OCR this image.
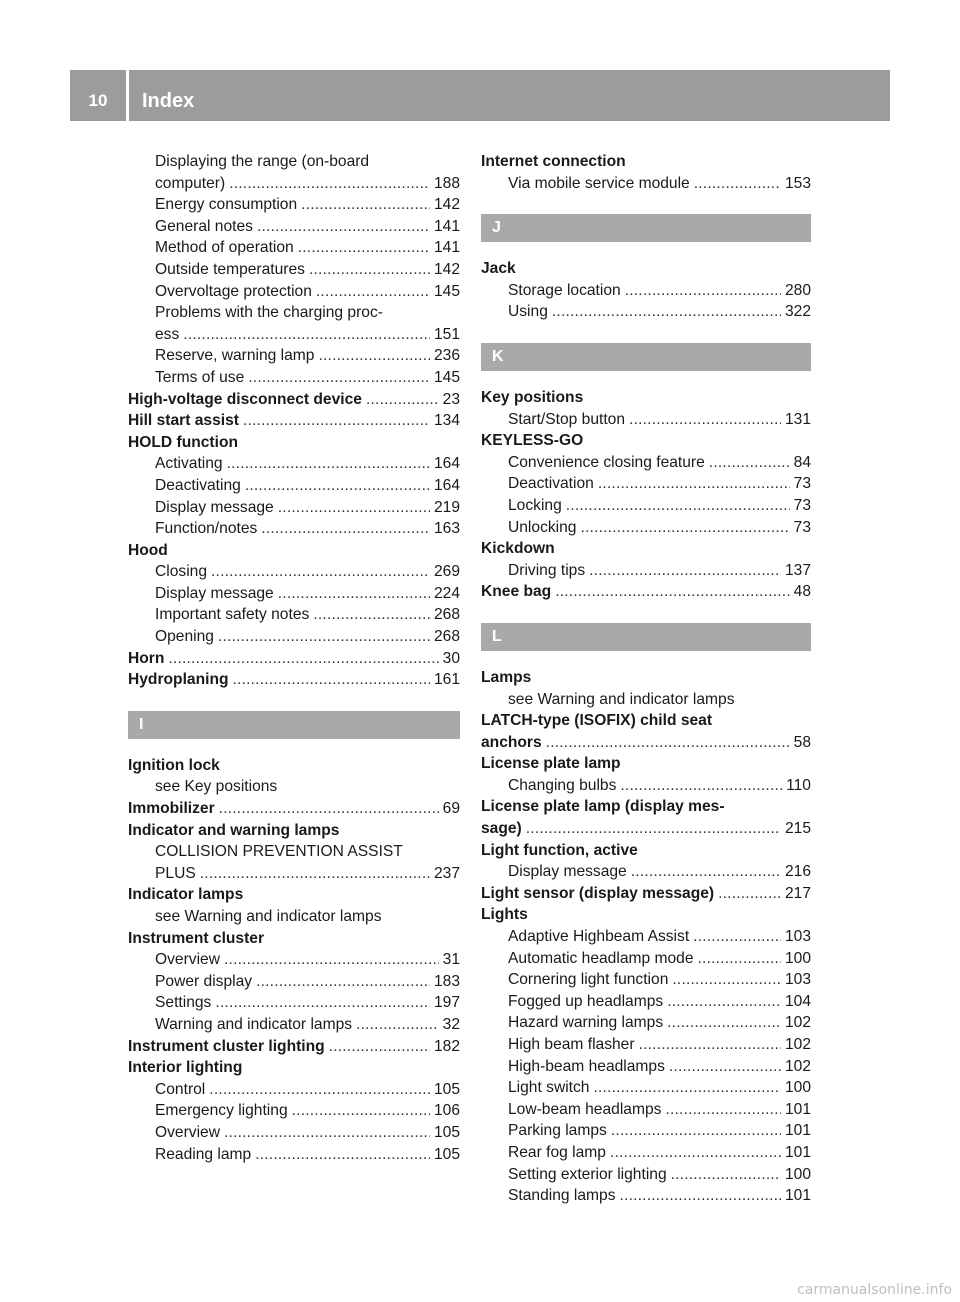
10	Index
Displaying the range (on-board
computer) .....	188
Energy consumption .....	142
General notes .....	141
Method of operation .....	141
Outside temperatures .....	142
Overvoltage protection .....	145
Problems with the charging proc-
ess .....	151
Reserve, warning lamp .....	236
Terms of use .....	145
High-voltage disconnect device .....	23
Hill start assist .....	134
HOLD function
Activating .....	164
Deactivating .....	164
Display message .....	219
Function/notes .....	163
Hood
Closing .....	269
Display message .....	224
Important safety notes .....	268
Opening .....	268
Horn .....	30
Hydroplaning .....	161
I
Ignition lock
see Key positions
Immobilizer .....	69
Indicator and warning lamps
COLLISION PREVENTION ASSIST
PLUS .....	237
Indicator lamps
see Warning and indicator lamps
Instrument cluster
Overview .....	31
Power display .....	183
Settings .....	197
Warning and indicator lamps .....	32
Instrument cluster lighting .....	182
Interior lighting
Control .....	105
Emergency lighting .....	106
Overview .....	105
Reading lamp .....	105
Internet connection
Via mobile service module .....	153
J
Jack
Storage location .....	280
Using .....	322
K
Key positions
Start/Stop button .....	131
KEYLESS-GO
Convenience closing feature .....	84
Deactivation .....	73
Locking .....	73
Unlocking .....	73
Kickdown
Driving tips .....	137
Knee bag .....	48
L
Lamps
see Warning and indicator lamps
LATCH-type (ISOFIX) child seat
anchors .....	58
License plate lamp
Changing bulbs .....	110
License plate lamp (display mes-
sage) .....	215
Light function, active
Display message .....	216
Light sensor (display message) .....	217
Lights
Adaptive Highbeam Assist .....	103
Automatic headlamp mode .....	100
Cornering light function .....	103
Fogged up headlamps .....	104
Hazard warning lamps .....	102
High beam flasher .....	102
High-beam headlamps .....	102
Light switch .....	100
Low-beam headlamps .....	101
Parking lamps .....	101
Rear fog lamp .....	101
Setting exterior lighting .....	100
Standing lamps .....	101
carmanualsonline.info
